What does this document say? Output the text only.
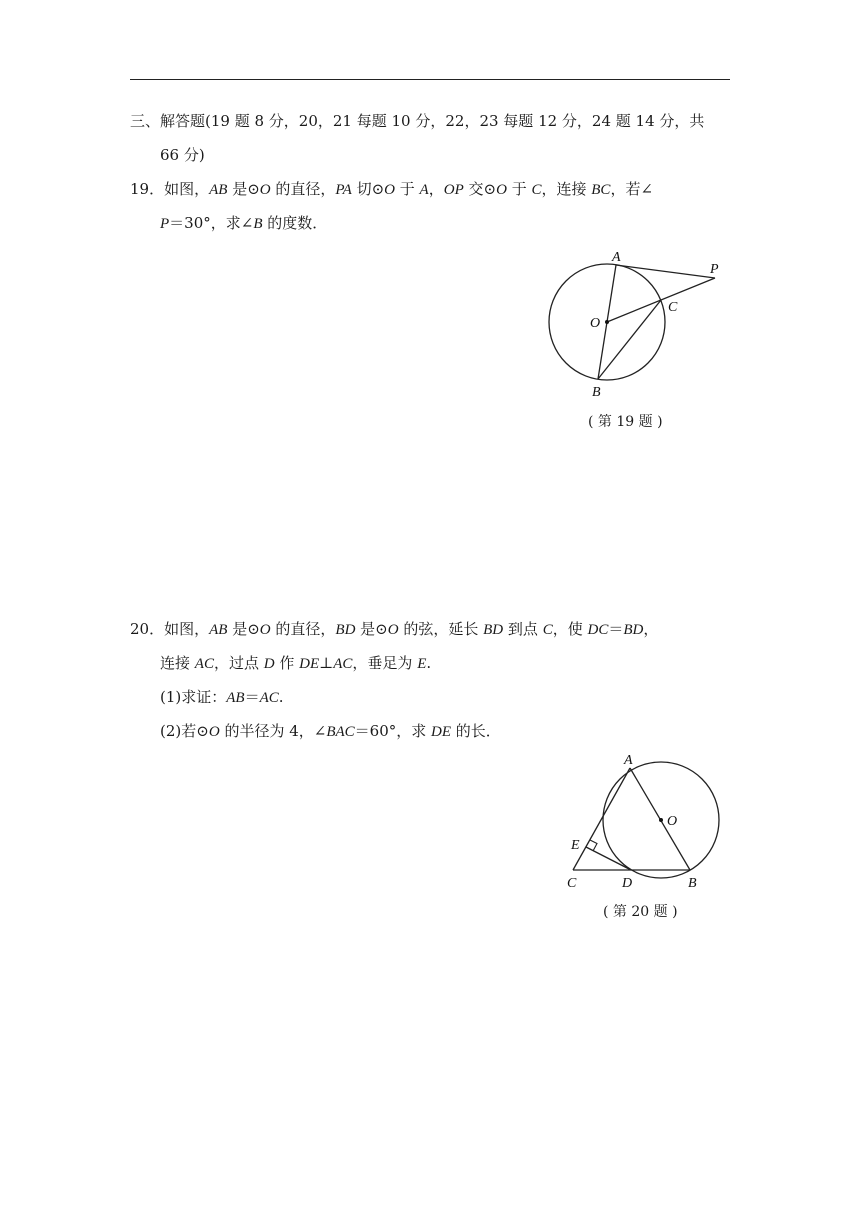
三、解答题(19 题 8 分，20，21 每题 10 分，22，23 每题 12 分，24 题 14 分，共
66 分)
19．如图，AB 是⊙O 的直径，PA 切⊙O 于 A，OP 交⊙O 于 C，连接 BC，若∠
P＝30°，求∠B 的度数．
A
P
C
O
B
( 第 19 题 )
20．如图，AB 是⊙O 的直径，BD 是⊙O 的弦，延长 BD 到点 C，使 DC＝BD，
连接 AC，过点 D 作 DE⊥AC，垂足为 E.
(1)求证：AB＝AC.
(2)若⊙O 的半径为 4，∠BAC＝60°，求 DE 的长．
A
O
E
C	D	B
( 第 20 题 )
